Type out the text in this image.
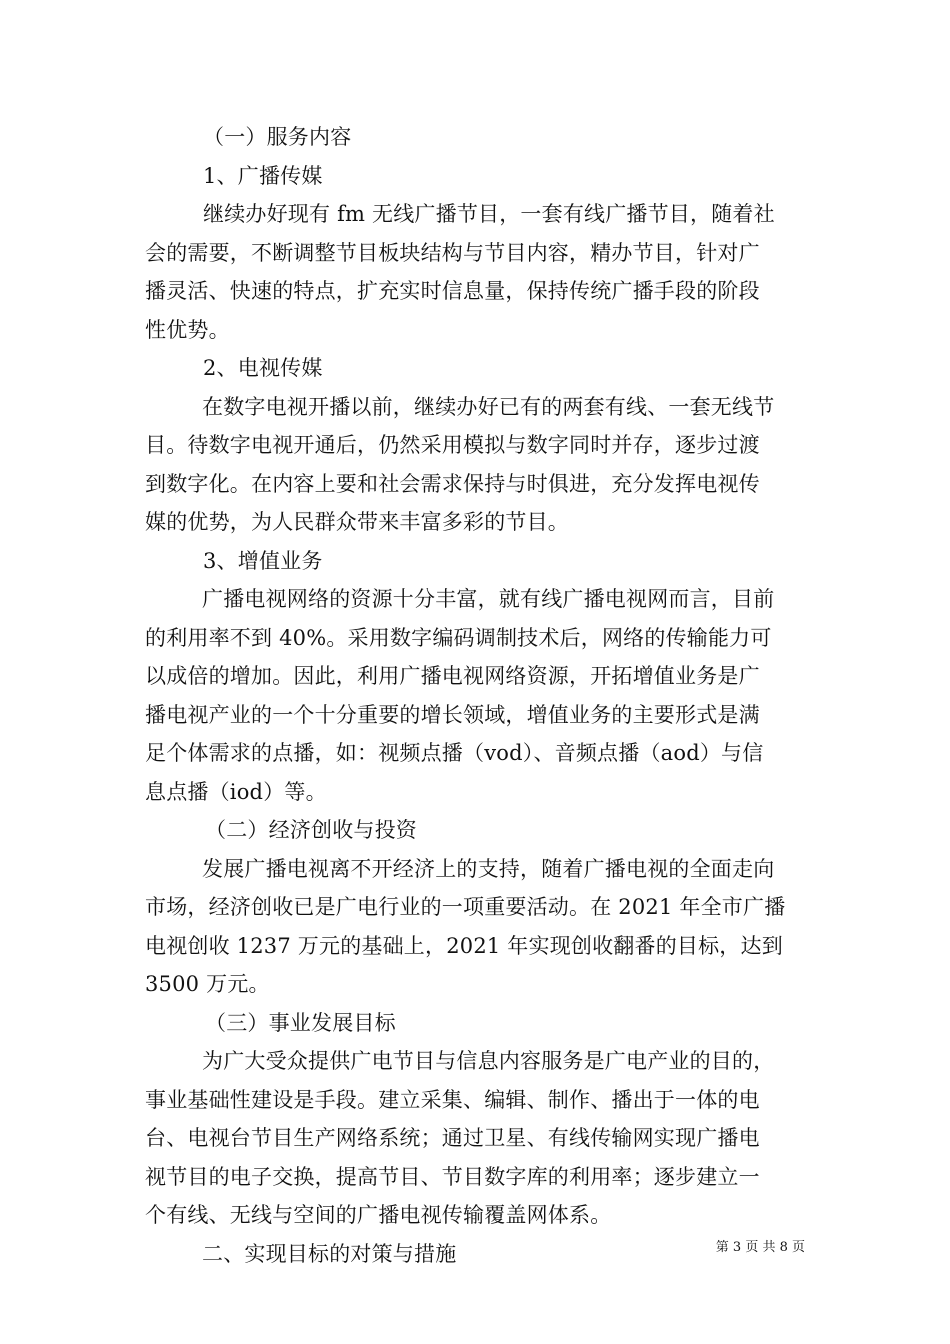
（一）服务内容
1、广播传媒
继续办好现有 fm 无线广播节目，一套有线广播节目，随着社
会的需要，不断调整节目板块结构与节目内容，精办节目，针对广
播灵活、快速的特点，扩充实时信息量，保持传统广播手段的阶段
性优势。
2、电视传媒
在数字电视开播以前，继续办好已有的两套有线、一套无线节
目。待数字电视开通后，仍然采用模拟与数字同时并存，逐步过渡
到数字化。在内容上要和社会需求保持与时俱进，充分发挥电视传
媒的优势，为人民群众带来丰富多彩的节目。
3、增值业务
广播电视网络的资源十分丰富，就有线广播电视网而言，目前
的利用率不到 40%。采用数字编码调制技术后，网络的传输能力可
以成倍的增加。因此，利用广播电视网络资源，开拓增值业务是广
播电视产业的一个十分重要的增长领域，增值业务的主要形式是满
足个体需求的点播，如：视频点播（vod）、音频点播（aod）与信
息点播（iod）等。
（二）经济创收与投资
发展广播电视离不开经济上的支持，随着广播电视的全面走向
市场，经济创收已是广电行业的一项重要活动。在 2021 年全市广播
电视创收 1237 万元的基础上，2021 年实现创收翻番的目标，达到
3500 万元。
（三）事业发展目标
为广大受众提供广电节目与信息内容服务是广电产业的目的，
事业基础性建设是手段。建立采集、编辑、制作、播出于一体的电
台、电视台节目生产网络系统；通过卫星、有线传输网实现广播电
视节目的电子交换，提高节目、节目数字库的利用率；逐步建立一
个有线、无线与空间的广播电视传输覆盖网体系。
二、实现目标的对策与措施	第 3 页 共 8 页
